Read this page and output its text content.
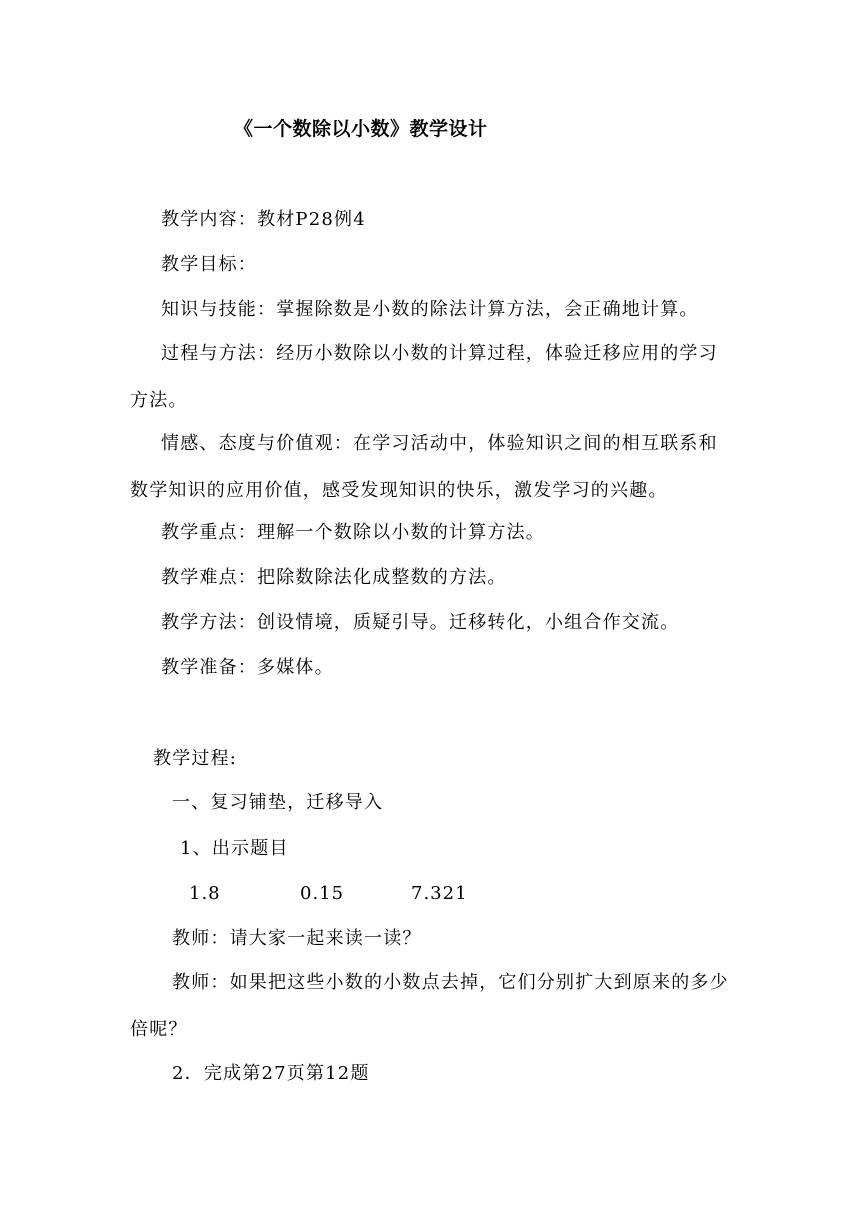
《一个数除以小数》教学设计
教学内容：教材P28例4
教学目标：
知识与技能：掌握除数是小数的除法计算方法，会正确地计算。
过程与方法：经历小数除以小数的计算过程，体验迁移应用的学习方法。
情感、态度与价值观：在学习活动中，体验知识之间的相互联系和数学知识的应用价值，感受发现知识的快乐，激发学习的兴趣。
教学重点：理解一个数除以小数的计算方法。
教学难点：把除数除法化成整数的方法。
教学方法：创设情境，质疑引导。迁移转化，小组合作交流。
教学准备：多媒体。
教学过程:
一、复习铺垫，迁移导入
1、出示题目
1.8	0.15	7.321
教师：请大家一起来读一读？
教师：如果把这些小数的小数点去掉，它们分别扩大到原来的多少倍呢？
2．完成第27页第12题
